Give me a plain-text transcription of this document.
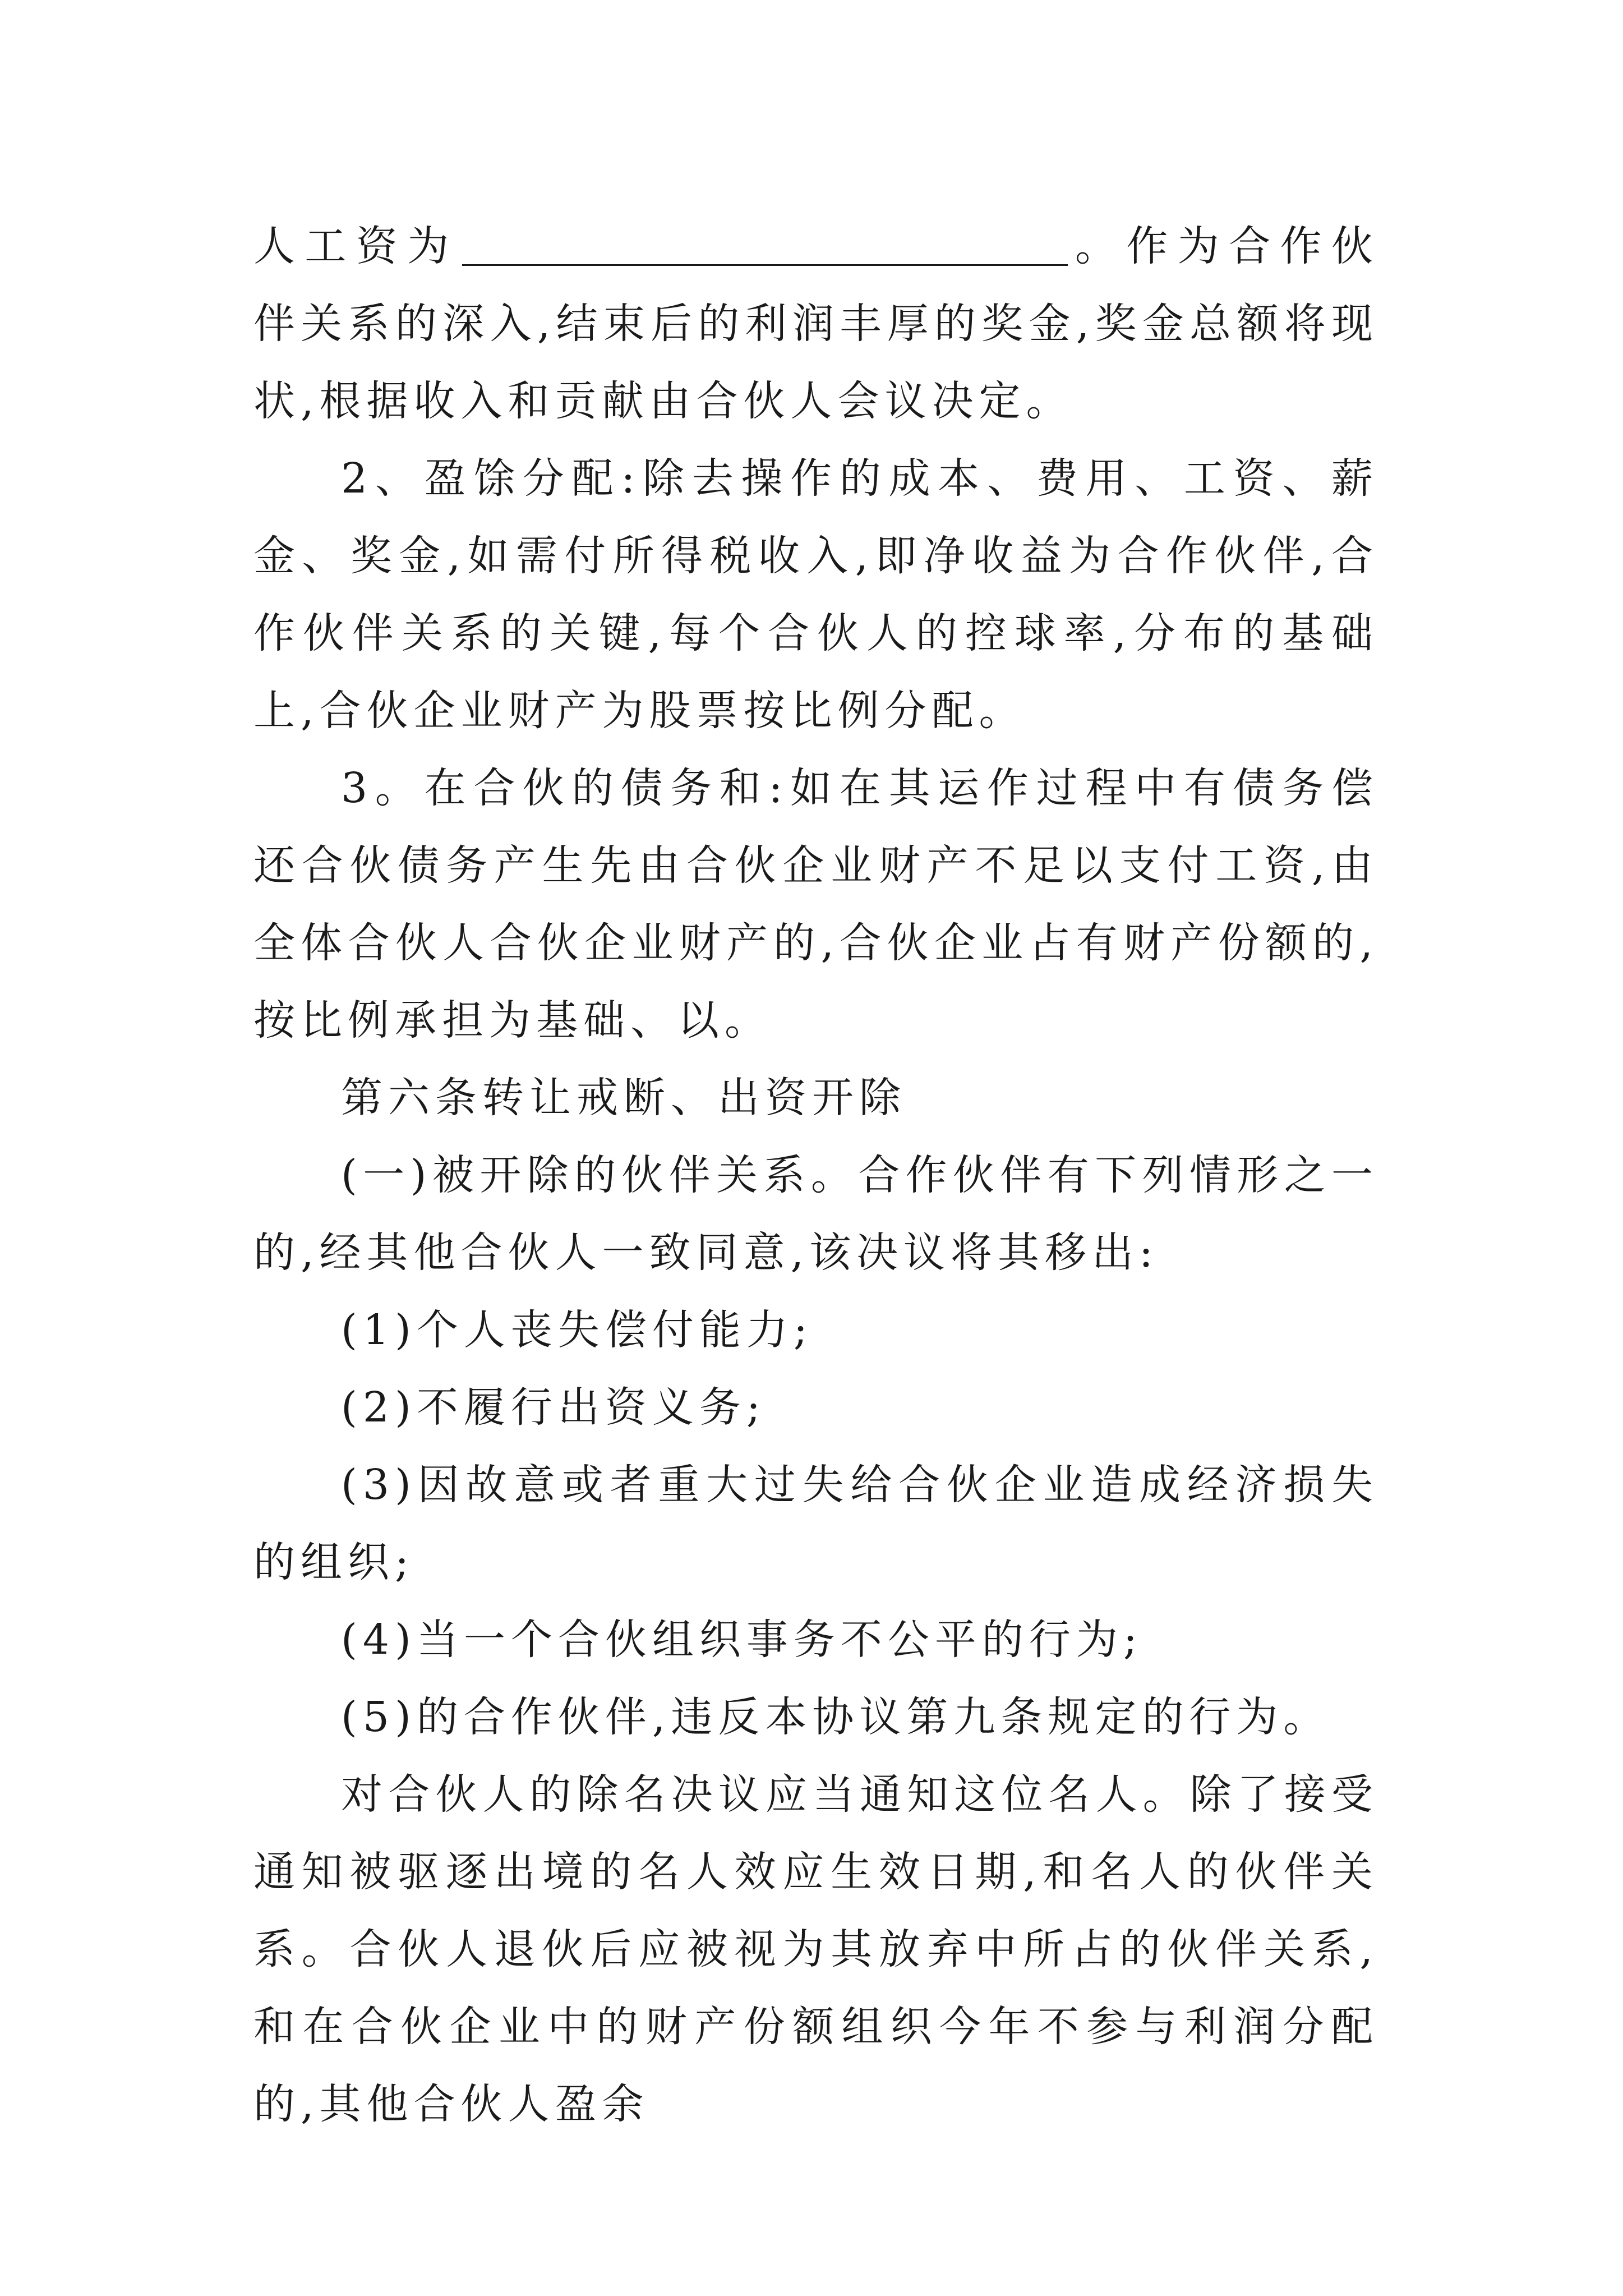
人工资为	。作为合作伙伴关系的深入,结束后的利润丰厚的奖金,奖金总额将现状,根据收入和贡献由合伙人会议决定。

2、盈馀分配:除去操作的成本、费用、工资、薪金、奖金,如需付所得税收入,即净收益为合作伙伴,合作伙伴关系的关键,每个合伙人的控球率,分布的基础上,合伙企业财产为股票按比例分配。

3。在合伙的债务和:如在其运作过程中有债务偿还合伙债务产生先由合伙企业财产不足以支付工资,由全体合伙人合伙企业财产的,合伙企业占有财产份额的,按比例承担为基础、以。

第六条转让戒断、出资开除

(一)被开除的伙伴关系。合作伙伴有下列情形之一的,经其他合伙人一致同意,该决议将其移出:

(1)个人丧失偿付能力;

(2)不履行出资义务;

(3)因故意或者重大过失给合伙企业造成经济损失的组织;

(4)当一个合伙组织事务不公平的行为;

(5)的合作伙伴,违反本协议第九条规定的行为。

对合伙人的除名决议应当通知这位名人。除了接受通知被驱逐出境的名人效应生效日期,和名人的伙伴关系。合伙人退伙后应被视为其放弃中所占的伙伴关系,和在合伙企业中的财产份额组织今年不参与利润分配的,其他合伙人盈余
